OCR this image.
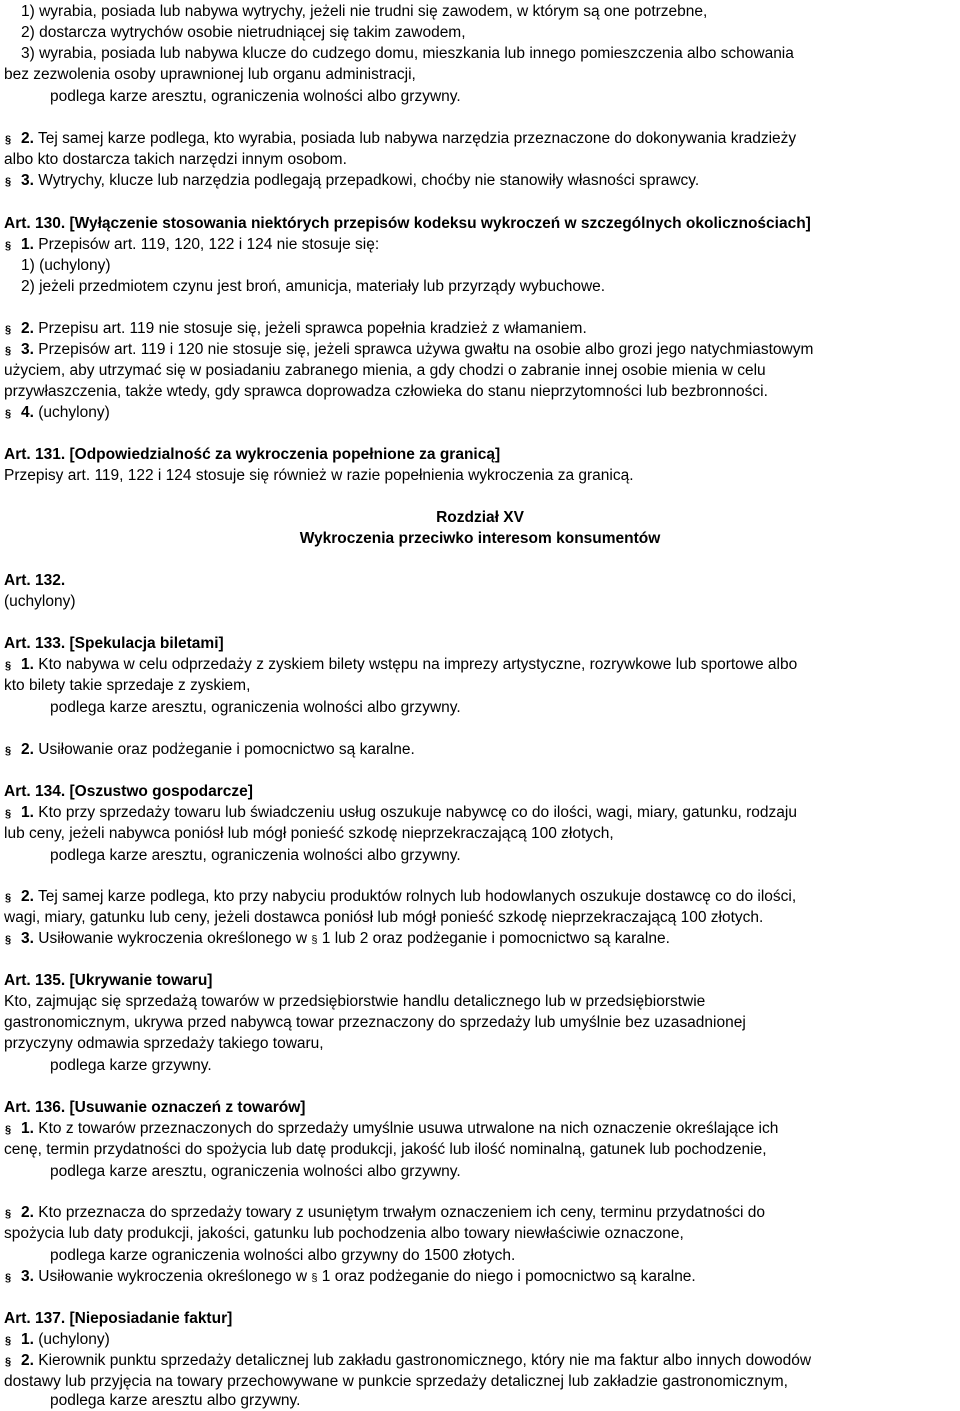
1) wyrabia, posiada lub nabywa wytrychy, jeżeli nie trudni się zawodem, w którym są one potrzebne,
2) dostarcza wytrychów osobie nietrudniącej się takim zawodem,
3) wyrabia, posiada lub nabywa klucze do cudzego domu, mieszkania lub innego pomieszczenia albo schowania
bez zezwolenia osoby uprawnionej lub organu administracji,
podlega karze aresztu, ograniczenia wolności albo grzywny.
§ 2. Tej samej karze podlega, kto wyrabia, posiada lub nabywa narzędzia przeznaczone do dokonywania kradzieży
albo kto dostarcza takich narzędzi innym osobom.
§ 3. Wytrychy, klucze lub narzędzia podlegają przepadkowi, choćby nie stanowiły własności sprawcy.
Art. 130. [Wyłączenie stosowania niektórych przepisów kodeksu wykroczeń w szczególnych okolicznościach]
§ 1. Przepisów art. 119, 120, 122 i 124 nie stosuje się:
1) (uchylony)
2) jeżeli przedmiotem czynu jest broń, amunicja, materiały lub przyrządy wybuchowe.
§ 2. Przepisu art. 119 nie stosuje się, jeżeli sprawca popełnia kradzież z włamaniem.
§ 3. Przepisów art. 119 i 120 nie stosuje się, jeżeli sprawca używa gwałtu na osobie albo grozi jego natychmiastowym
użyciem, aby utrzymać się w posiadaniu zabranego mienia, a gdy chodzi o zabranie innej osobie mienia w celu
przywłaszczenia, także wtedy, gdy sprawca doprowadza człowieka do stanu nieprzytomności lub bezbronności.
§ 4. (uchylony)
Art. 131. [Odpowiedzialność za wykroczenia popełnione za granicą]
Przepisy art. 119, 122 i 124 stosuje się również w razie popełnienia wykroczenia za granicą.
Rozdział XV
Wykroczenia przeciwko interesom konsumentów
Art. 132.
(uchylony)
Art. 133. [Spekulacja biletami]
§ 1. Kto nabywa w celu odprzedaży z zyskiem bilety wstępu na imprezy artystyczne, rozrywkowe lub sportowe albo
kto bilety takie sprzedaje z zyskiem,
podlega karze aresztu, ograniczenia wolności albo grzywny.
§ 2. Usiłowanie oraz podżeganie i pomocnictwo są karalne.
Art. 134. [Oszustwo gospodarcze]
§ 1. Kto przy sprzedaży towaru lub świadczeniu usług oszukuje nabywcę co do ilości, wagi, miary, gatunku, rodzaju
lub ceny, jeżeli nabywca poniósł lub mógł ponieść szkodę nieprzekraczającą 100 złotych,
podlega karze aresztu, ograniczenia wolności albo grzywny.
§ 2. Tej samej karze podlega, kto przy nabyciu produktów rolnych lub hodowlanych oszukuje dostawcę co do ilości,
wagi, miary, gatunku lub ceny, jeżeli dostawca poniósł lub mógł ponieść szkodę nieprzekraczającą 100 złotych.
§ 3. Usiłowanie wykroczenia określonego w § 1 lub 2 oraz podżeganie i pomocnictwo są karalne.
Art. 135. [Ukrywanie towaru]
Kto, zajmując się sprzedażą towarów w przedsiębiorstwie handlu detalicznego lub w przedsiębiorstwie
gastronomicznym, ukrywa przed nabywcą towar przeznaczony do sprzedaży lub umyślnie bez uzasadnionej
przyczyny odmawia sprzedaży takiego towaru,
podlega karze grzywny.
Art. 136. [Usuwanie oznaczeń z towarów]
§ 1. Kto z towarów przeznaczonych do sprzedaży umyślnie usuwa utrwalone na nich oznaczenie określające ich
cenę, termin przydatności do spożycia lub datę produkcji, jakość lub ilość nominalną, gatunek lub pochodzenie,
podlega karze aresztu, ograniczenia wolności albo grzywny.
§ 2. Kto przeznacza do sprzedaży towary z usuniętym trwałym oznaczeniem ich ceny, terminu przydatności do
spożycia lub daty produkcji, jakości, gatunku lub pochodzenia albo towary niewłaściwie oznaczone,
podlega karze ograniczenia wolności albo grzywny do 1500 złotych.
§ 3. Usiłowanie wykroczenia określonego w § 1 oraz podżeganie do niego i pomocnictwo są karalne.
Art. 137. [Nieposiadanie faktur]
§ 1. (uchylony)
§ 2. Kierownik punktu sprzedaży detalicznej lub zakładu gastronomicznego, który nie ma faktur albo innych dowodów
dostawy lub przyjęcia na towary przechowywane w punkcie sprzedaży detalicznej lub zakładzie gastronomicznym,
podlega karze aresztu albo grzywny.
